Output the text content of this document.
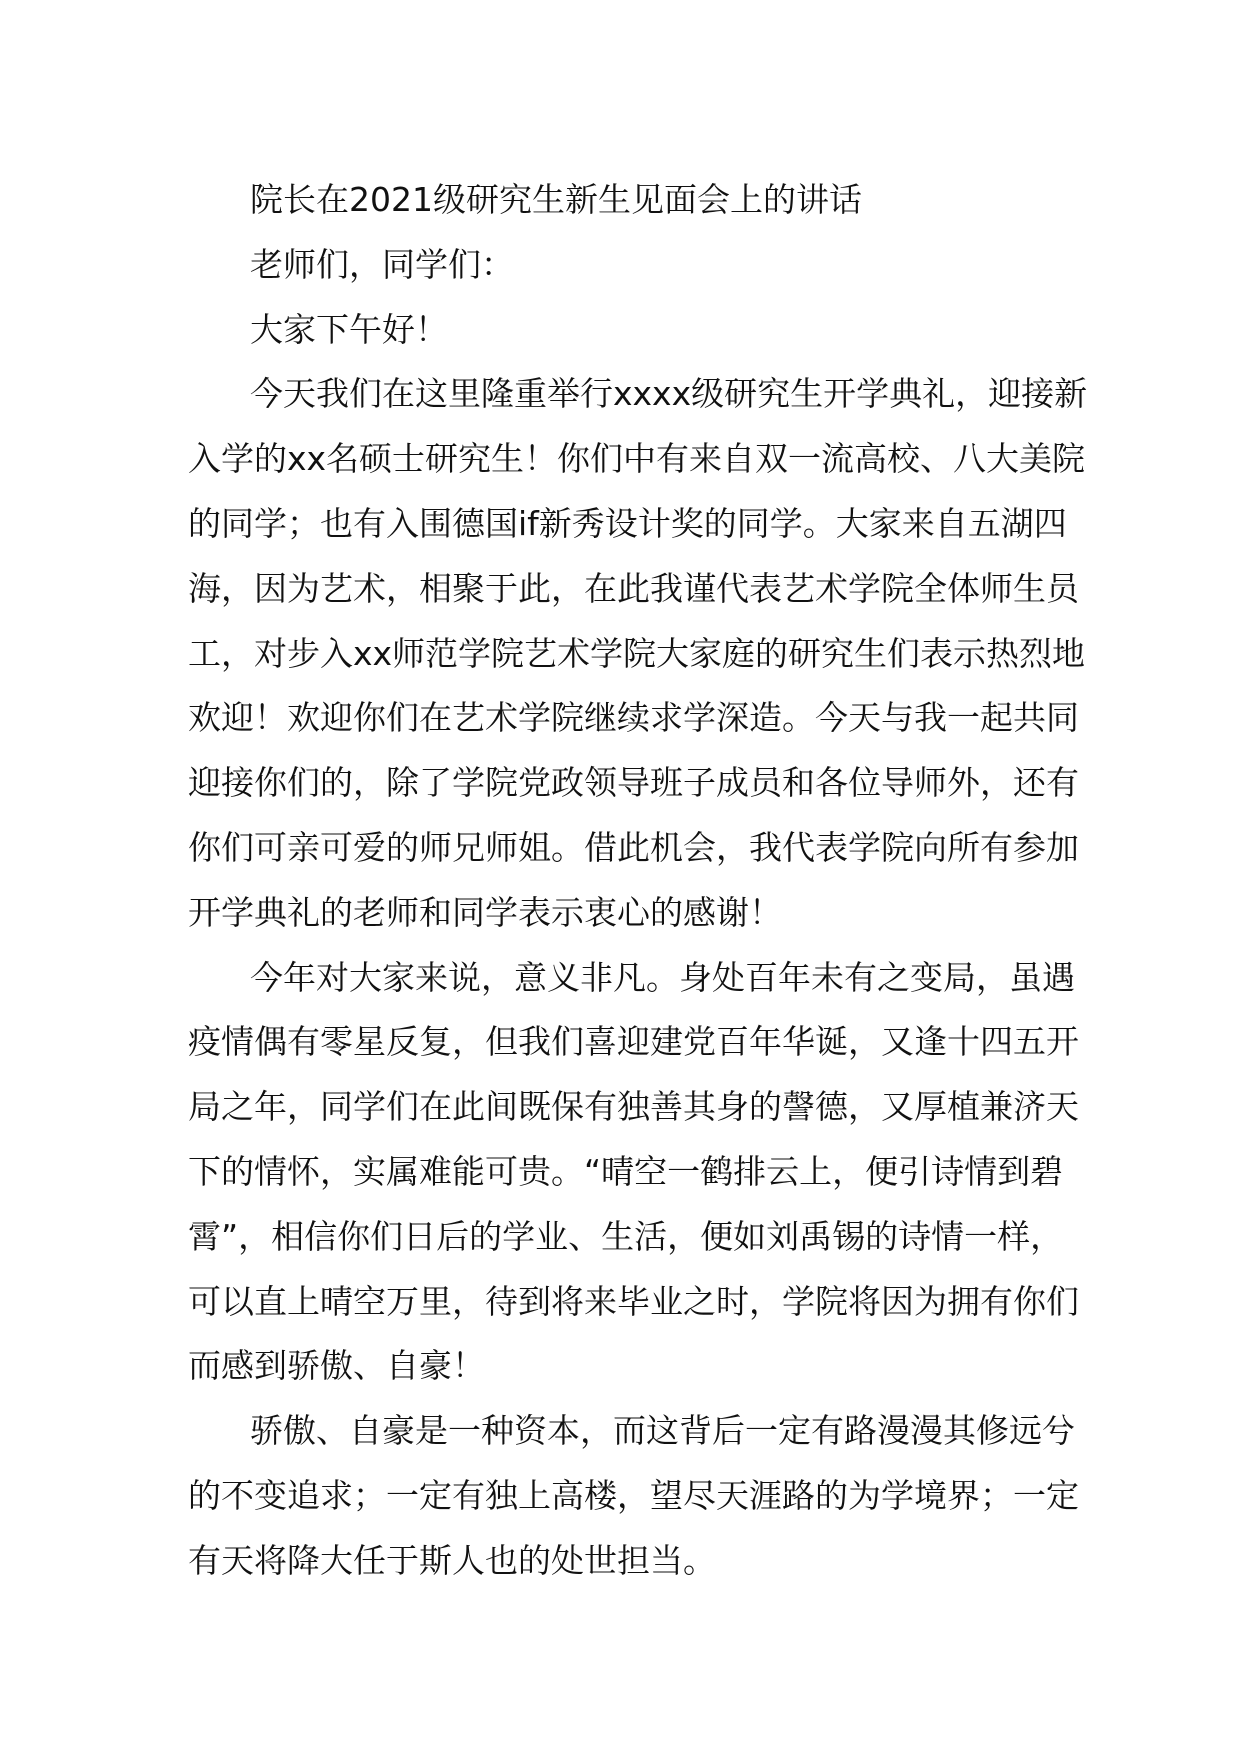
院长在2021级研究生新生见面会上的讲话
老师们，同学们：
大家下午好！
今天我们在这里隆重举行xxxx级研究生开学典礼，迎接新
入学的xx名硕士研究生！你们中有来自双一流高校、八大美院
的同学；也有入围德国if新秀设计奖的同学。大家来自五湖四
海，因为艺术，相聚于此，在此我谨代表艺术学院全体师生员
工，对步入xx师范学院艺术学院大家庭的研究生们表示热烈地
欢迎！欢迎你们在艺术学院继续求学深造。今天与我一起共同
迎接你们的，除了学院党政领导班子成员和各位导师外，还有
你们可亲可爱的师兄师姐。借此机会，我代表学院向所有参加
开学典礼的老师和同学表示衷心的感谢！
今年对大家来说，意义非凡。身处百年未有之变局，虽遇
疫情偶有零星反复，但我们喜迎建党百年华诞，又逢十四五开
局之年，同学们在此间既保有独善其身的謦德，又厚植兼济天
下的情怀，实属难能可贵。“晴空一鹤排云上，便引诗情到碧
霄”，相信你们日后的学业、生活，便如刘禹锡的诗情一样，
可以直上晴空万里，待到将来毕业之时，学院将因为拥有你们
而感到骄傲、自豪！
骄傲、自豪是一种资本，而这背后一定有路漫漫其修远兮
的不变追求；一定有独上高楼，望尽天涯路的为学境界；一定
有天将降大任于斯人也的处世担当。
